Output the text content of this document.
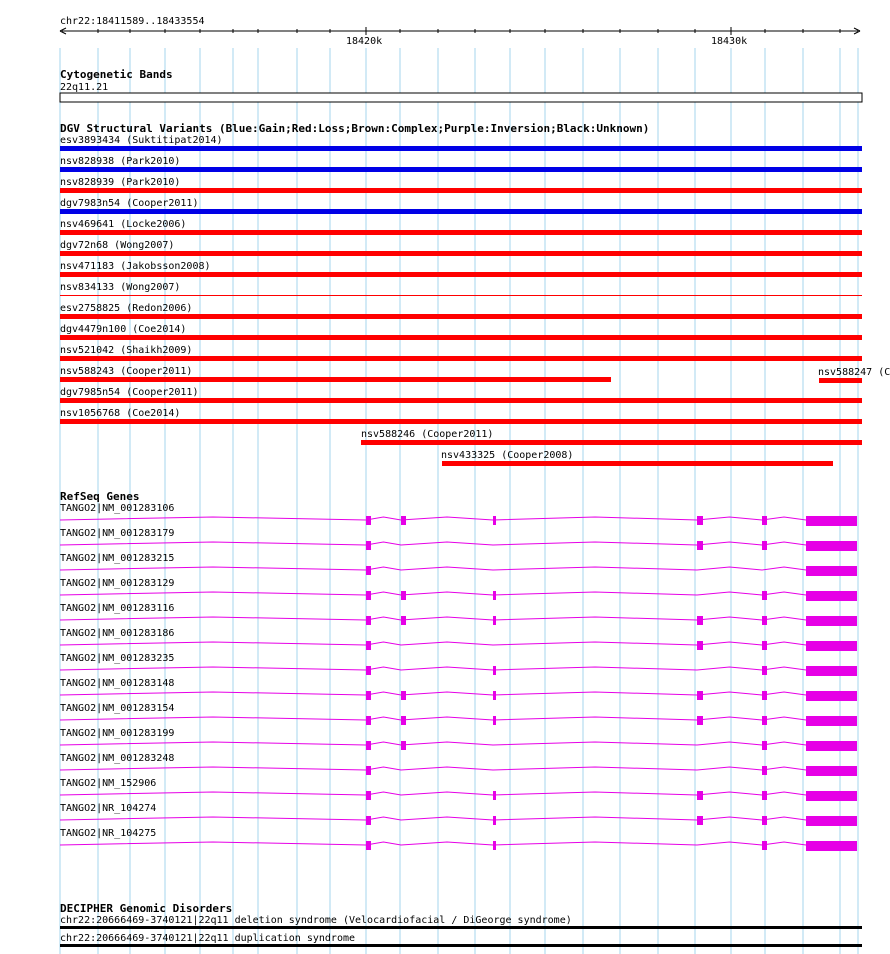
chr22:18411589..18433554
18420k	18430k
Cytogenetic Bands
22q11.21
DGV Structural Variants (Blue:Gain;Red:Loss;Brown:Complex;Purple:Inversion;Black:Unknown)
nsv588247 (C
esv3893434 (Suktitipat2014)
nsv828938 (Park2010)
nsv828939 (Park2010)
dgv7983n54 (Cooper2011)
nsv469641 (Locke2006)
dgv72n68 (Wong2007)
nsv471183 (Jakobsson2008)
nsv834133 (Wong2007)
esv2758825 (Redon2006)
dgv4479n100 (Coe2014)
nsv521042 (Shaikh2009)
nsv588243 (Cooper2011)
dgv7985n54 (Cooper2011)
nsv1056768 (Coe2014)
nsv588246 (Cooper2011)
nsv433325 (Cooper2008)
RefSeq Genes
TANGO2|NM_001283106
TANGO2|NM_001283179
TANGO2|NM_001283215
TANGO2|NM_001283129
TANGO2|NM_001283116
TANGO2|NM_001283186
TANGO2|NM_001283235
TANGO2|NM_001283148
TANGO2|NM_001283154
TANGO2|NM_001283199
TANGO2|NM_001283248
TANGO2|NM_152906
TANGO2|NR_104274
TANGO2|NR_104275
DECIPHER Genomic Disorders
chr22:20666469-3740121|22q11 deletion syndrome (Velocardiofacial / DiGeorge syndrome)
chr22:20666469-3740121|22q11 duplication syndrome
